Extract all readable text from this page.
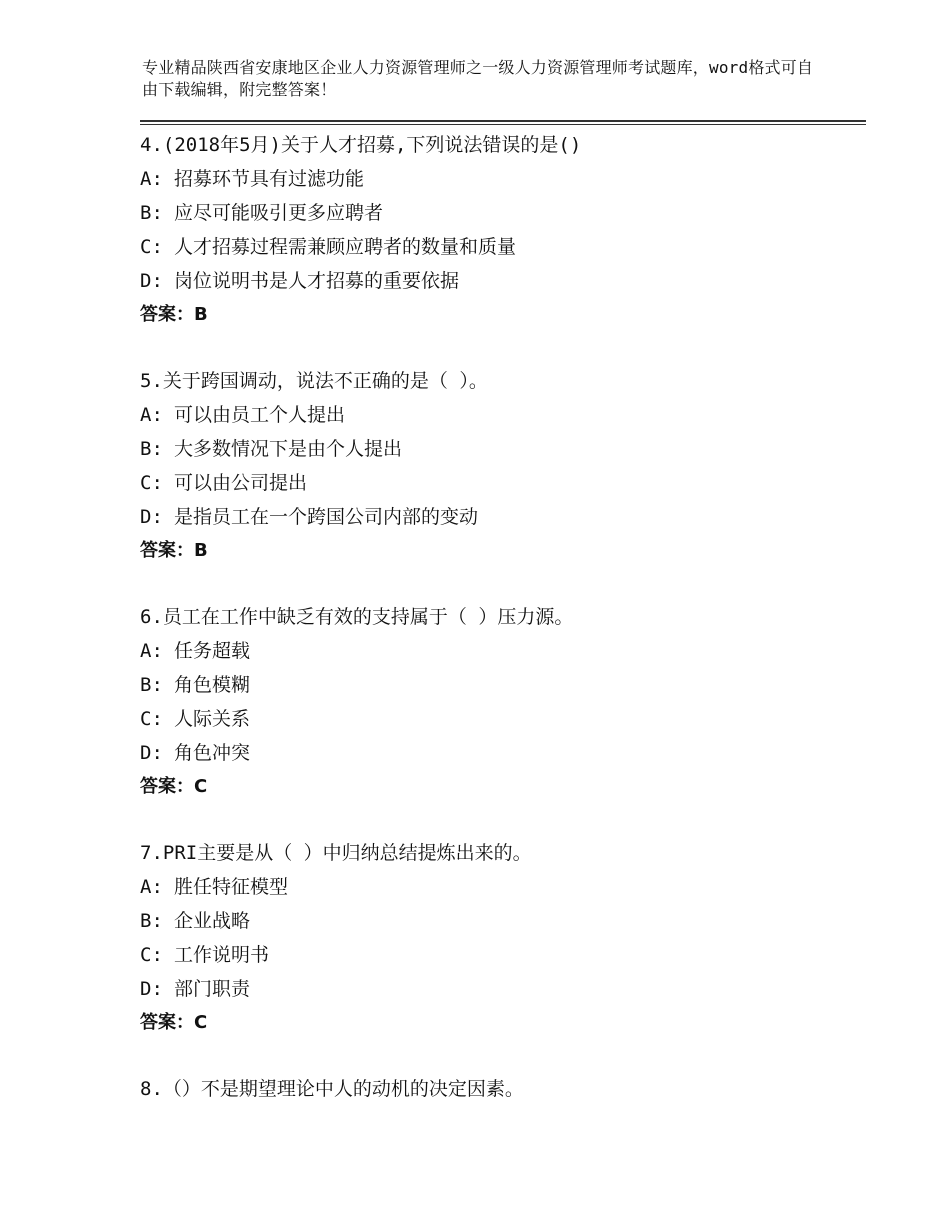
专业精品陕西省安康地区企业人力资源管理师之一级人力资源管理师考试题库，word格式可自由下载编辑，附完整答案！
4.(2018年5月)关于人才招募,下列说法错误的是()
A: 招募环节具有过滤功能
B: 应尽可能吸引更多应聘者
C: 人才招募过程需兼顾应聘者的数量和质量
D: 岗位说明书是人才招募的重要依据
答案：B
5.关于跨国调动，说法不正确的是（ ）。
A: 可以由员工个人提出
B: 大多数情况下是由个人提出
C: 可以由公司提出
D: 是指员工在一个跨国公司内部的变动
答案：B
6.员工在工作中缺乏有效的支持属于（ ）压力源。
A: 任务超载
B: 角色模糊
C: 人际关系
D: 角色冲突
答案：C
7.PRI主要是从（ ）中归纳总结提炼出来的。
A: 胜任特征模型
B: 企业战略
C: 工作说明书
D: 部门职责
答案：C
8.（）不是期望理论中人的动机的决定因素。
